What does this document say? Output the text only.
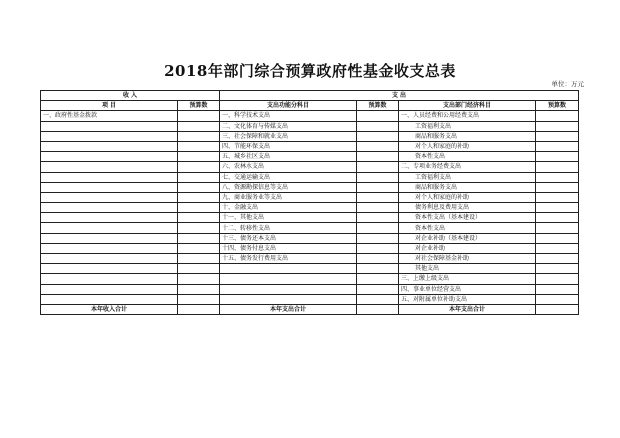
2018年部门综合预算政府性基金收支总表
单位：万元
收 入		支 出			
项 目	预算数	支出功能分科目	预算数	支出部门经济科目	预算数
一、政府性基金拨款		一、科学技术支出		一、人员经费和公用经费支出	
		二、文化体育与传媒支出		工资福利支出	
		三、社会保障和就业支出		商品和服务支出	
		四、节能环保支出		对个人和家庭的补助	
		五、城乡社区支出		资本性支出	
		六、农林水支出		二、专项业务经费支出	
		七、交通运输支出		工资福利支出	
		八、资源勘探信息等支出		商品和服务支出	
		九、商业服务业等支出		对个人和家庭的补助	
		十、金融支出		债务利息及费用支出	
		十一、其他支出		资本性支出（基本建设）	
		十二、转移性支出		资本性支出	
		十三、债务还本支出		对企业补助（基本建设）	
		十四、债务付息支出		对企业补助	
		十五、债务发行费用支出		对社会保障基金补助	
				其他支出	
				三、上缴上级支出	
				四、事业单位经营支出	
				五、对附属单位补助支出	
本年收入合计		本年支出合计		本年支出合计	
